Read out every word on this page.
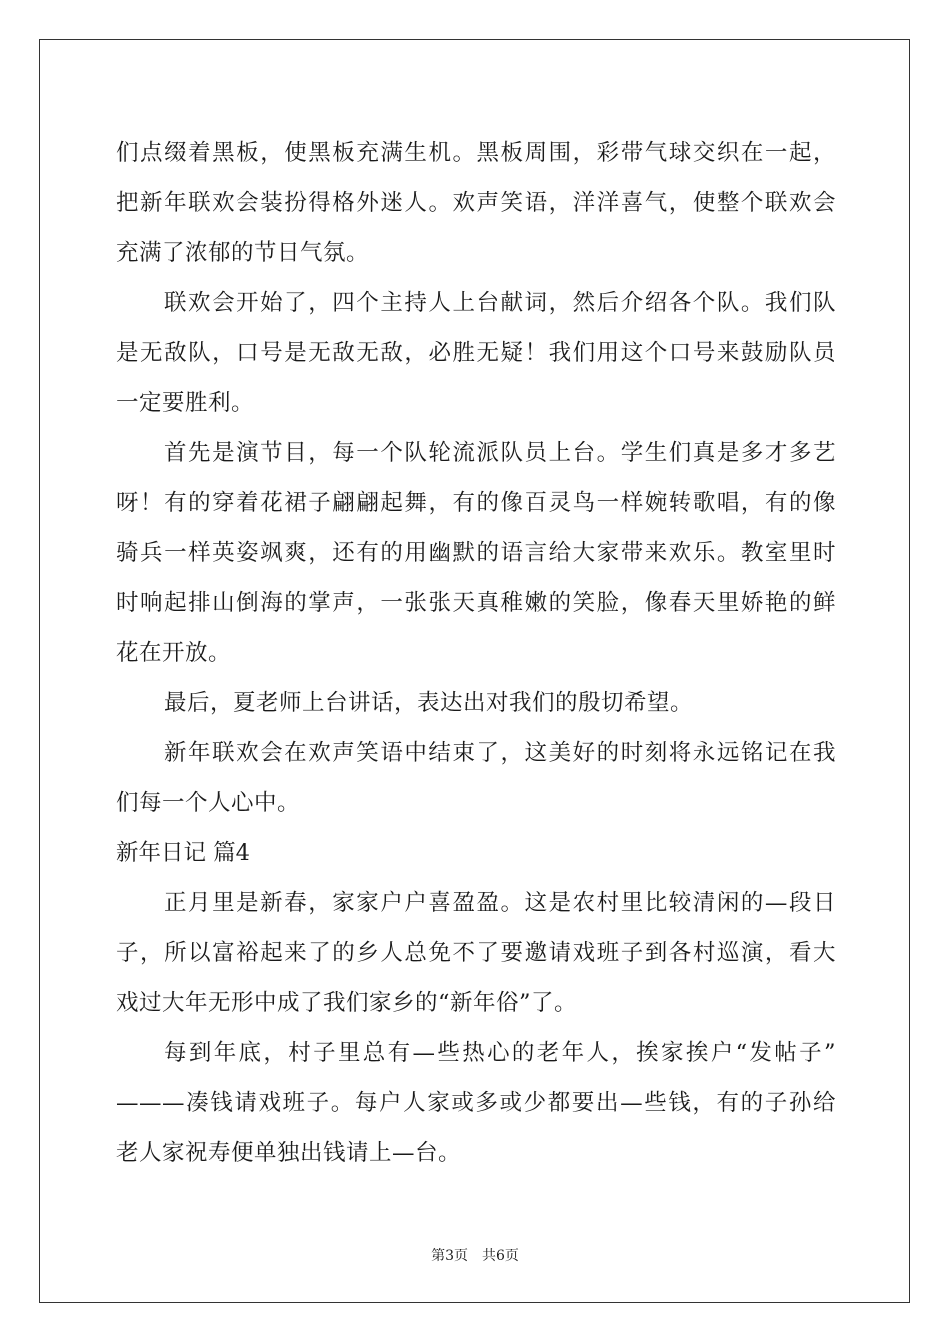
们点缀着黑板，使黑板充满生机。黑板周围，彩带气球交织在一起，
把新年联欢会装扮得格外迷人。欢声笑语，洋洋喜气，使整个联欢会
充满了浓郁的节日气氛。
联欢会开始了，四个主持人上台献词，然后介绍各个队。我们队
是无敌队，口号是无敌无敌，必胜无疑！我们用这个口号来鼓励队员
一定要胜利。
首先是演节目，每一个队轮流派队员上台。学生们真是多才多艺
呀！有的穿着花裙子翩翩起舞，有的像百灵鸟一样婉转歌唱，有的像
骑兵一样英姿飒爽，还有的用幽默的语言给大家带来欢乐。教室里时
时响起排山倒海的掌声，一张张天真稚嫩的笑脸，像春天里娇艳的鲜
花在开放。
最后，夏老师上台讲话，表达出对我们的殷切希望。
新年联欢会在欢声笑语中结束了，这美好的时刻将永远铭记在我
们每一个人心中。
新年日记 篇4
正月里是新春，家家户户喜盈盈。这是农村里比较清闲的—段日
子，所以富裕起来了的乡人总免不了要邀请戏班子到各村巡演，看大
戏过大年无形中成了我们家乡的“新年俗”了。
每到年底，村子里总有—些热心的老年人，挨家挨户“发帖子”
———凑钱请戏班子。每户人家或多或少都要出—些钱，有的子孙给
老人家祝寿便单独出钱请上—台。
第3页　共6页
